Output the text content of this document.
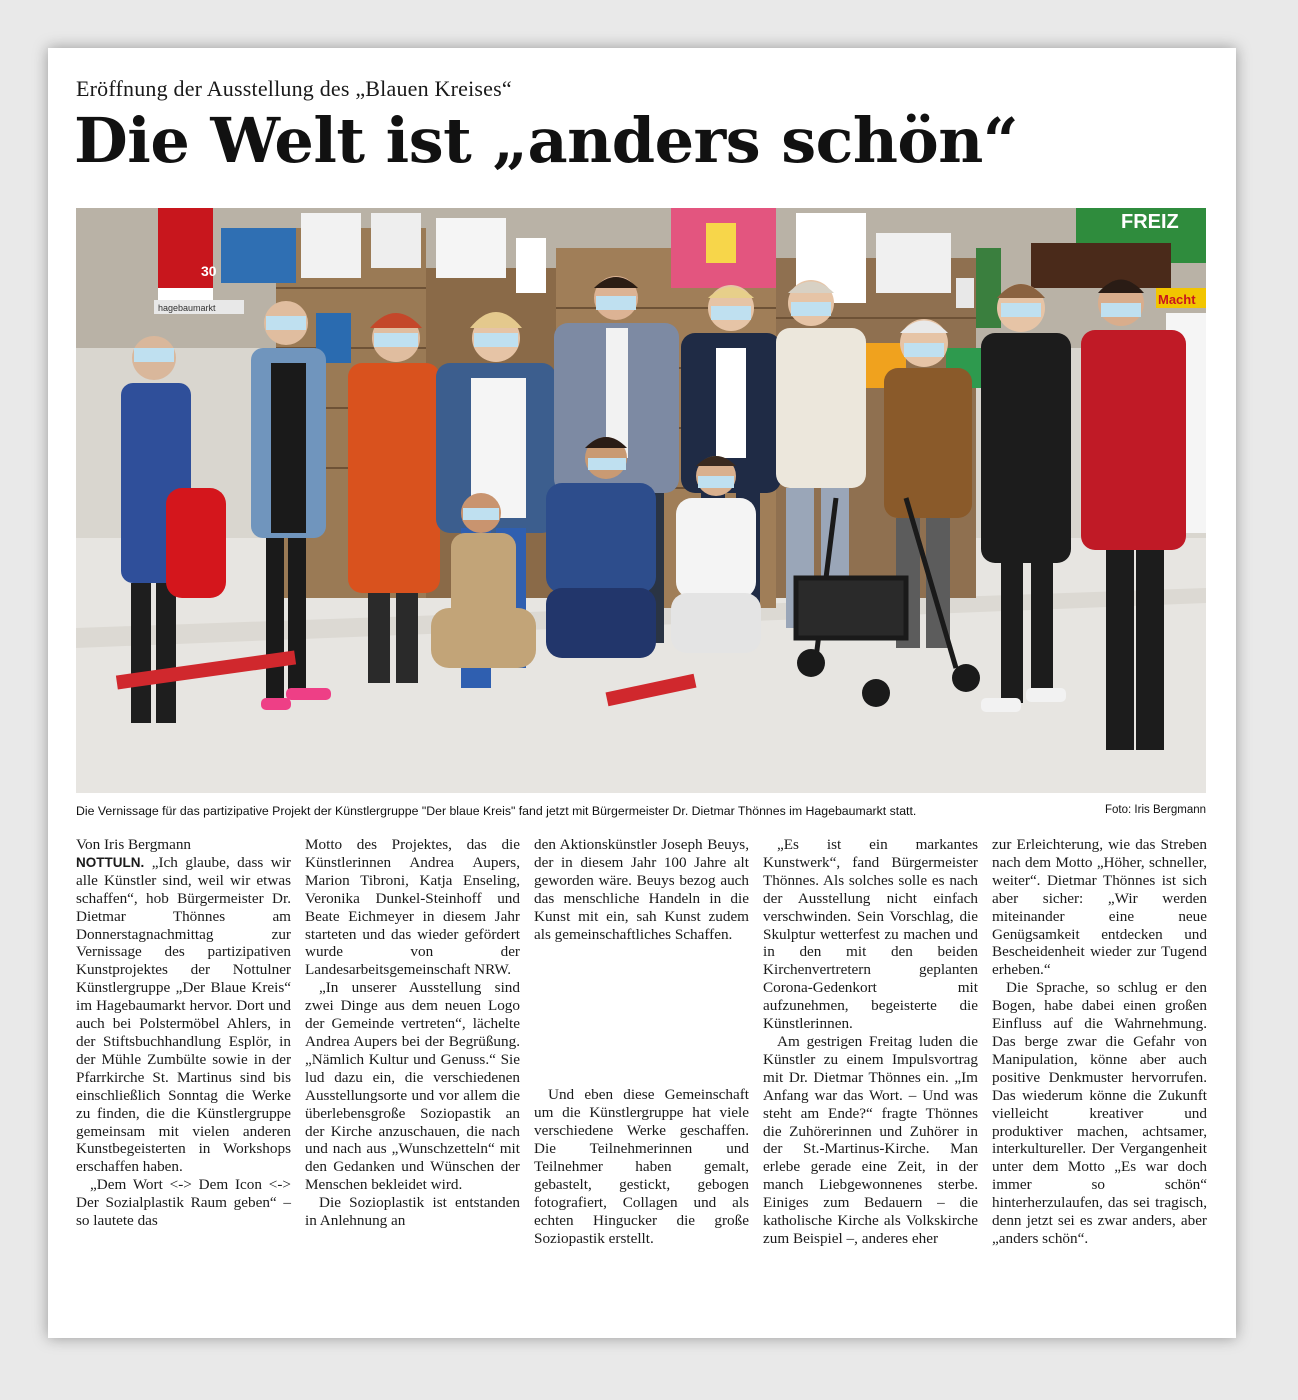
Eröffnung der Ausstellung des „Blauen Kreises“
Die Welt ist „anders schön“
30
hagebaumarkt
FREIZ
Macht
Die Vernissage für das partizipative Projekt der Künstlergruppe "Der blaue Kreis" fand jetzt mit Bürgermeister Dr. Dietmar Thönnes im Hagebaumarkt statt.	Foto: Iris Bergmann

Von Iris Bergmann

NOTTULN. „Ich glaube, dass wir alle Künstler sind, weil wir etwas schaffen“, hob Bürgermeister Dr. Dietmar Thönnes am Donnerstagnachmittag zur Vernissage des partizipativen Kunstprojektes der Nottulner Künstlergruppe „Der Blaue Kreis“ im Hagebaumarkt hervor. Dort und auch bei Polstermöbel Ahlers, in der Stiftsbuchhandlung Esplör, in der Mühle Zumbülte sowie in der Pfarrkirche St. Martinus sind bis einschließlich Sonntag die Werke zu finden, die die Künstlergruppe gemeinsam mit vielen anderen Kunstbegeisterten in Workshops erschaffen haben.

„Dem Wort <-> Dem Icon <-> Der Sozialplastik Raum geben“ – so lautete das

Motto des Projektes, das die Künstlerinnen Andrea Aupers, Marion Tibroni, Katja Enseling, Veronika Dunkel-Steinhoff und Beate Eichmeyer in diesem Jahr starteten und das wieder gefördert wurde von der Landesarbeitsgemeinschaft NRW.

„In unserer Ausstellung sind zwei Dinge aus dem neuen Logo der Gemeinde vertreten“, lächelte Andrea Aupers bei der Begrüßung. „Nämlich Kultur und Genuss.“ Sie lud dazu ein, die verschiedenen Ausstellungsorte und vor allem die überlebensgroße Soziopastik an der Kirche anzuschauen, die nach und nach aus „Wunschzetteln“ mit den Gedanken und Wünschen der Menschen bekleidet wird.

Die Sozioplastik ist entstanden in Anlehnung an

den Aktionskünstler Joseph Beuys, der in diesem Jahr 100 Jahre alt geworden wäre. Beuys bezog auch das menschliche Handeln in die Kunst mit ein, sah Kunst zudem als gemeinschaftliches Schaffen.

Und eben diese Gemeinschaft um die Künstlergruppe hat viele verschiedene Werke geschaffen. Die Teilnehmerinnen und Teilnehmer haben gemalt, gebastelt, gestickt, gebogen fotografiert, Collagen und als echten Hingucker die große Soziopastik erstellt.

„Es ist ein markantes Kunstwerk“, fand Bürgermeister Thönnes. Als solches solle es nach der Ausstellung nicht einfach verschwinden. Sein Vorschlag, die Skulptur wetterfest zu machen und in den mit den beiden Kirchenvertretern geplanten Corona-Gedenkort mit aufzunehmen, begeisterte die Künstlerinnen.

Am gestrigen Freitag luden die Künstler zu einem Impulsvortrag mit Dr. Dietmar Thönnes ein. „Im Anfang war das Wort. – Und was steht am Ende?“ fragte Thönnes die Zuhörerinnen und Zuhörer in der St.-Martinus-Kirche. Man erlebe gerade eine Zeit, in der manch Liebgewonnenes sterbe. Einiges zum Bedauern – die katholische Kirche als Volkskirche zum Beispiel –, anderes eher

zur Erleichterung, wie das Streben nach dem Motto „Höher, schneller, weiter“. Dietmar Thönnes ist sich aber sicher: „Wir werden miteinander eine neue Genügsamkeit entdecken und Bescheidenheit wieder zur Tugend erheben.“

Die Sprache, so schlug er den Bogen, habe dabei einen großen Einfluss auf die Wahrnehmung. Das berge zwar die Gefahr von Manipulation, könne aber auch positive Denkmuster hervorrufen. Das wiederum könne die Zukunft vielleicht kreativer und produktiver machen, achtsamer, interkultureller. Der Vergangenheit unter dem Motto „Es war doch immer so schön“ hinterherzulaufen, das sei tragisch, denn jetzt sei es zwar anders, aber „anders schön“.
